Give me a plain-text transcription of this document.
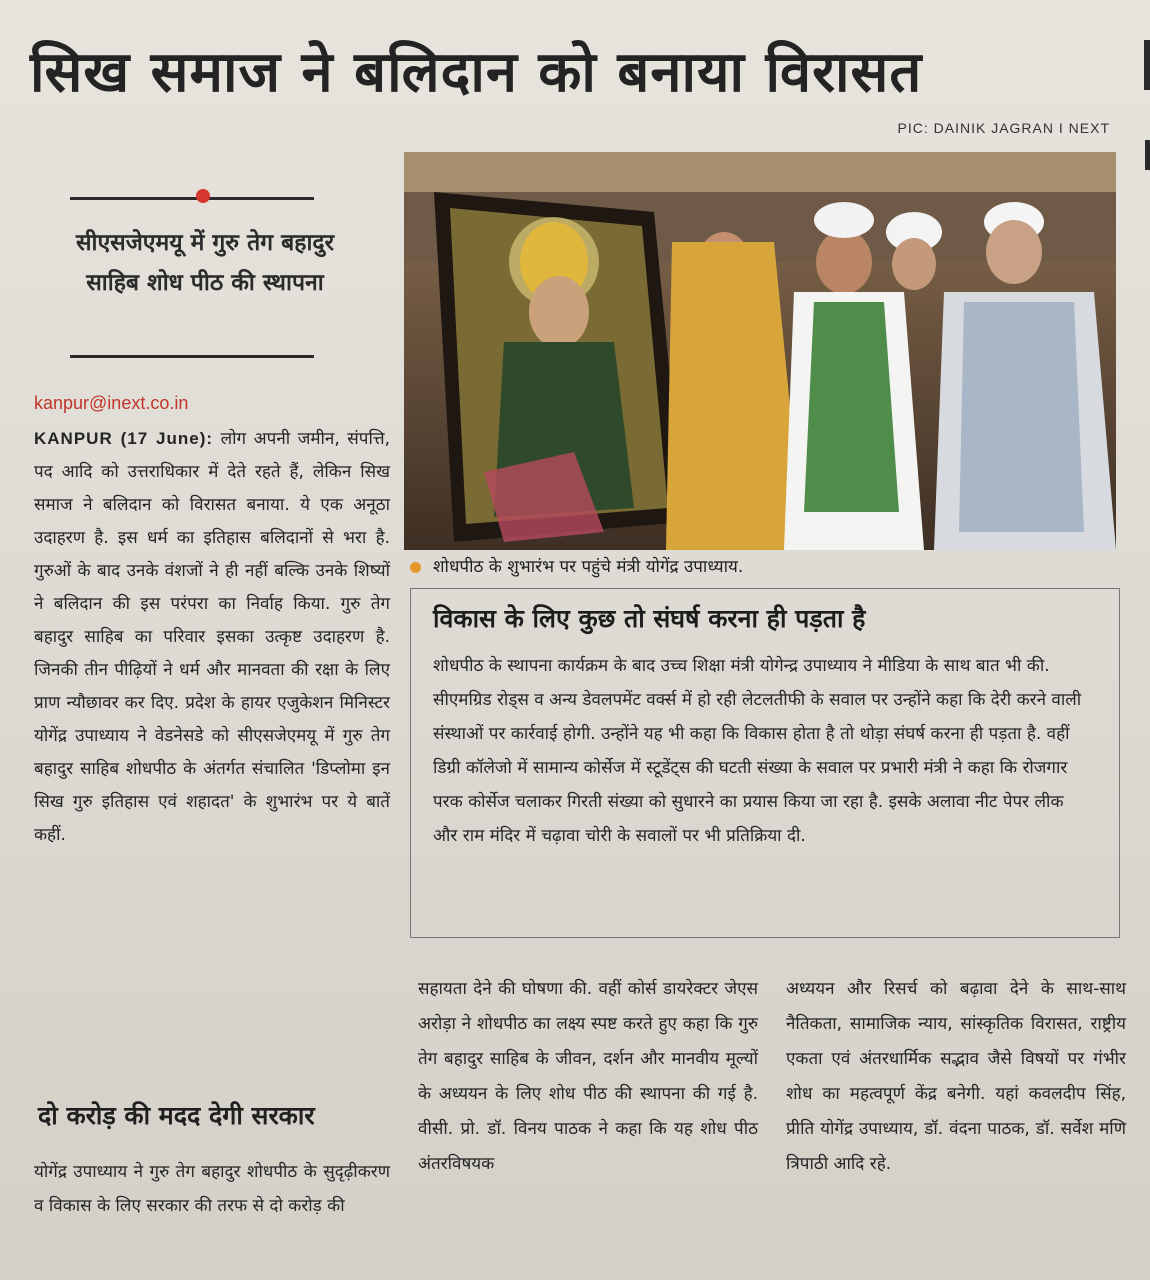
सिख समाज ने बलिदान को बनाया विरासत
PIC: DAINIK JAGRAN I NEXT
सीएसजेएमयू में गुरु तेग बहादुर साहिब शोध पीठ की स्थापना
kanpur@inext.co.in
KANPUR (17 June): लोग अपनी जमीन, संपत्ति, पद आदि को उत्तराधिकार में देते रहते हैं, लेकिन सिख समाज ने बलिदान को विरासत बनाया. ये एक अनूठा उदाहरण है. इस धर्म का इतिहास बलिदानों से भरा है. गुरुओं के बाद उनके वंशजों ने ही नहीं बल्कि उनके शिष्यों ने बलिदान की इस परंपरा का निर्वाह किया. गुरु तेग बहादुर साहिब का परिवार इसका उत्कृष्ट उदाहरण है. जिनकी तीन पीढ़ियों ने धर्म और मानवता की रक्षा के लिए प्राण न्यौछावर कर दिए. प्रदेश के हायर एजुकेशन मिनिस्टर योगेंद्र उपाध्याय ने वेडनेसडे को सीएसजेएमयू में गुरु तेग बहादुर साहिब शोधपीठ के अंतर्गत संचालित 'डिप्लोमा इन सिख गुरु इतिहास एवं शहादत' के शुभारंभ पर ये बातें कहीं.
दो करोड़ की मदद देगी सरकार
योगेंद्र उपाध्याय ने गुरु तेग बहादुर शोधपीठ के सुदृढ़ीकरण व विकास के लिए सरकार की तरफ से दो करोड़ की
शोधपीठ के शुभारंभ पर पहुंचे मंत्री योगेंद्र उपाध्याय.
विकास के लिए कुछ तो संघर्ष करना ही पड़ता है
शोधपीठ के स्थापना कार्यक्रम के बाद उच्च शिक्षा मंत्री योगेन्द्र उपाध्याय ने मीडिया के साथ बात भी की. सीएमग्रिड रोड्स व अन्य डेवलपमेंट वर्क्स में हो रही लेटलतीफी के सवाल पर उन्होंने कहा कि देरी करने वाली संस्थाओं पर कार्रवाई होगी. उन्होंने यह भी कहा कि विकास होता है तो थोड़ा संघर्ष करना ही पड़ता है. वहीं डिग्री कॉलेजो में सामान्य कोर्सेज में स्टूडेंट्स की घटती संख्या के सवाल पर प्रभारी मंत्री ने कहा कि रोजगार परक कोर्सेज चलाकर गिरती संख्या को सुधारने का प्रयास किया जा रहा है. इसके अलावा नीट पेपर लीक और राम मंदिर में चढ़ावा चोरी के सवालों पर भी प्रतिक्रिया दी.
सहायता देने की घोषणा की. वहीं कोर्स डायरेक्टर जेएस अरोड़ा ने शोधपीठ का लक्ष्य स्पष्ट करते हुए कहा कि गुरु तेग बहादुर साहिब के जीवन, दर्शन और मानवीय मूल्यों के अध्ययन के लिए शोध पीठ की स्थापना की गई है. वीसी. प्रो. डॉ. विनय पाठक ने कहा कि यह शोध पीठ अंतरविषयक
अध्ययन और रिसर्च को बढ़ावा देने के साथ-साथ नैतिकता, सामाजिक न्याय, सांस्कृतिक विरासत, राष्ट्रीय एकता एवं अंतरधार्मिक सद्भाव जैसे विषयों पर गंभीर शोध का महत्वपूर्ण केंद्र बनेगी. यहां कवलदीप सिंह, प्रीति योगेंद्र उपाध्याय, डॉ. वंदना पाठक, डॉ. सर्वेश मणि त्रिपाठी आदि रहे.
